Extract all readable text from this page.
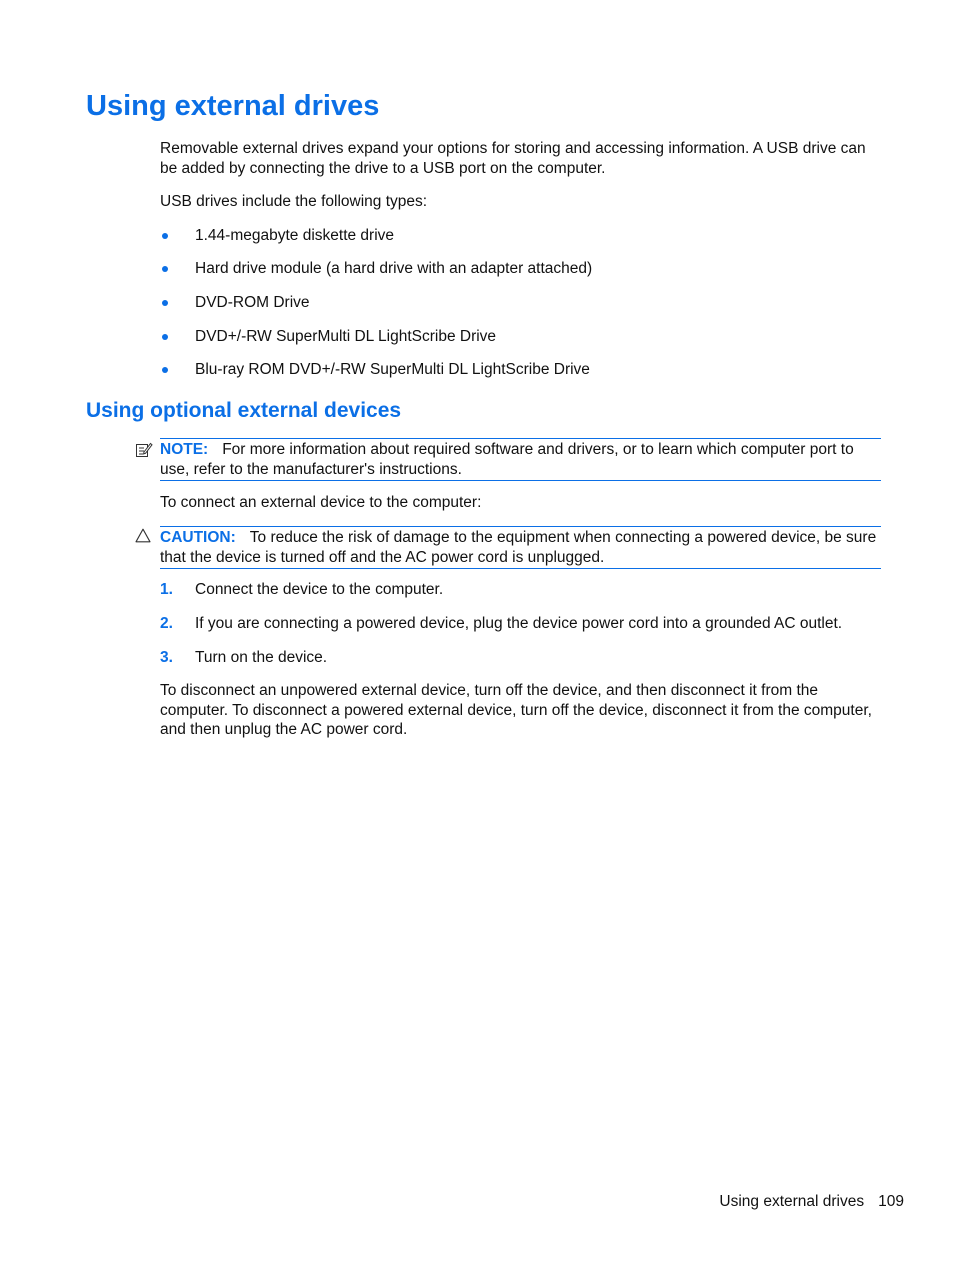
Using external drives

Removable external drives expand your options for storing and accessing information. A USB drive can be added by connecting the drive to a USB port on the computer.

USB drives include the following types:

1.44-megabyte diskette drive
Hard drive module (a hard drive with an adapter attached)
DVD-ROM Drive
DVD+/-RW SuperMulti DL LightScribe Drive
Blu-ray ROM DVD+/-RW SuperMulti DL LightScribe Drive
Using optional external devices
NOTE: For more information about required software and drivers, or to learn which computer port to use, refer to the manufacturer's instructions.

To connect an external device to the computer:

CAUTION: To reduce the risk of damage to the equipment when connecting a powered device, be sure that the device is turned off and the AC power cord is unplugged.
1. Connect the device to the computer.
2. If you are connecting a powered device, plug the device power cord into a grounded AC outlet.
3. Turn on the device.

To disconnect an unpowered external device, turn off the device, and then disconnect it from the computer. To disconnect a powered external device, turn off the device, disconnect it from the computer, and then unplug the AC power cord.

Using external drives 109
